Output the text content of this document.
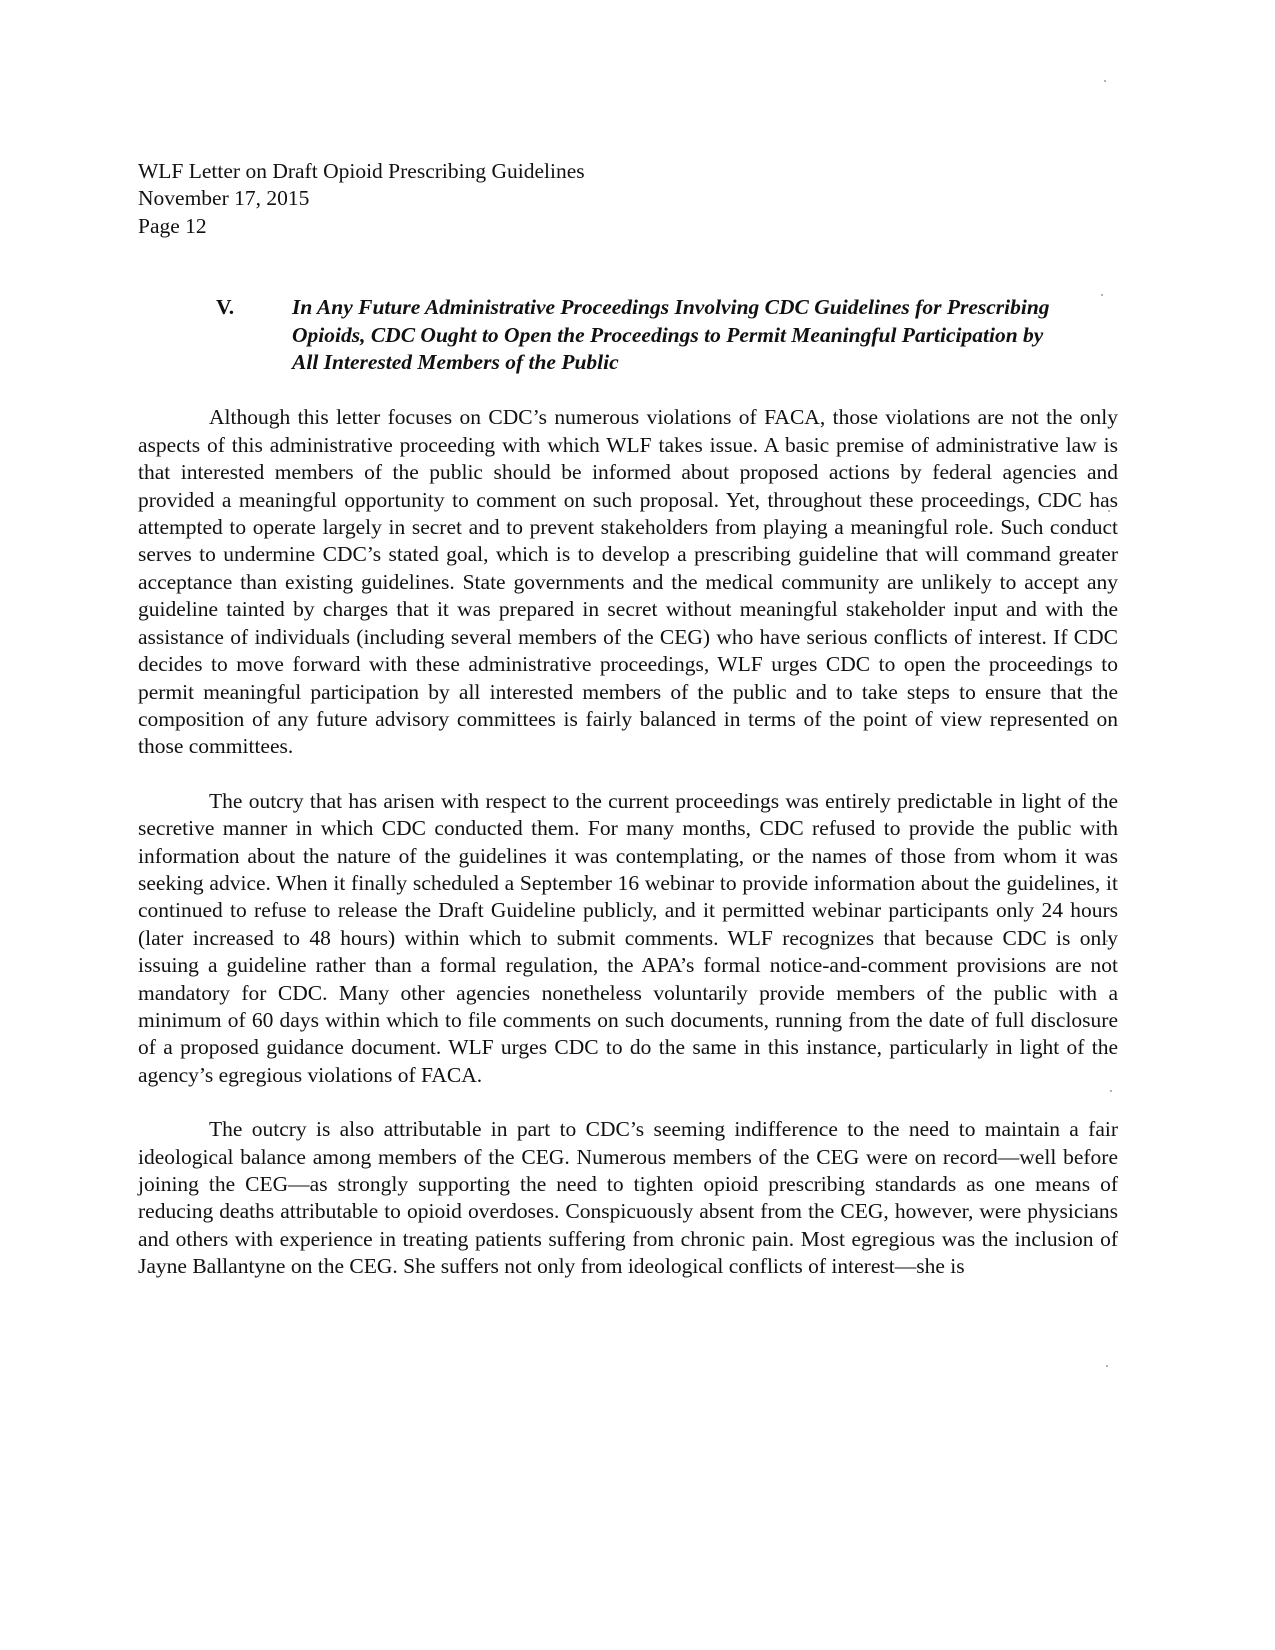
WLF Letter on Draft Opioid Prescribing Guidelines
November 17, 2015
Page 12
V.	In Any Future Administrative Proceedings Involving CDC Guidelines for Prescribing Opioids, CDC Ought to Open the Proceedings to Permit Meaningful Participation by All Interested Members of the Public

Although this letter focuses on CDC’s numerous violations of FACA, those violations are not the only aspects of this administrative proceeding with which WLF takes issue. A basic premise of administrative law is that interested members of the public should be informed about proposed actions by federal agencies and provided a meaningful opportunity to comment on such proposal. Yet, throughout these proceedings, CDC has attempted to operate largely in secret and to prevent stakeholders from playing a meaningful role. Such conduct serves to undermine CDC’s stated goal, which is to develop a prescribing guideline that will command greater acceptance than existing guidelines. State governments and the medical community are unlikely to accept any guideline tainted by charges that it was prepared in secret without meaningful stakeholder input and with the assistance of individuals (including several members of the CEG) who have serious conflicts of interest. If CDC decides to move forward with these administrative proceedings, WLF urges CDC to open the proceedings to permit meaningful participation by all interested members of the public and to take steps to ensure that the composition of any future advisory committees is fairly balanced in terms of the point of view represented on those committees.

The outcry that has arisen with respect to the current proceedings was entirely predictable in light of the secretive manner in which CDC conducted them. For many months, CDC refused to provide the public with information about the nature of the guidelines it was contemplating, or the names of those from whom it was seeking advice. When it finally scheduled a September 16 webinar to provide information about the guidelines, it continued to refuse to release the Draft Guideline publicly, and it permitted webinar participants only 24 hours (later increased to 48 hours) within which to submit comments. WLF recognizes that because CDC is only issuing a guideline rather than a formal regulation, the APA’s formal notice-and-comment provisions are not mandatory for CDC. Many other agencies nonetheless voluntarily provide members of the public with a minimum of 60 days within which to file comments on such documents, running from the date of full disclosure of a proposed guidance document. WLF urges CDC to do the same in this instance, particularly in light of the agency’s egregious violations of FACA.

The outcry is also attributable in part to CDC’s seeming indifference to the need to maintain a fair ideological balance among members of the CEG. Numerous members of the CEG were on record—well before joining the CEG—as strongly supporting the need to tighten opioid prescribing standards as one means of reducing deaths attributable to opioid overdoses. Conspicuously absent from the CEG, however, were physicians and others with experience in treating patients suffering from chronic pain. Most egregious was the inclusion of Jayne Ballantyne on the CEG. She suffers not only from ideological conflicts of interest—she is
